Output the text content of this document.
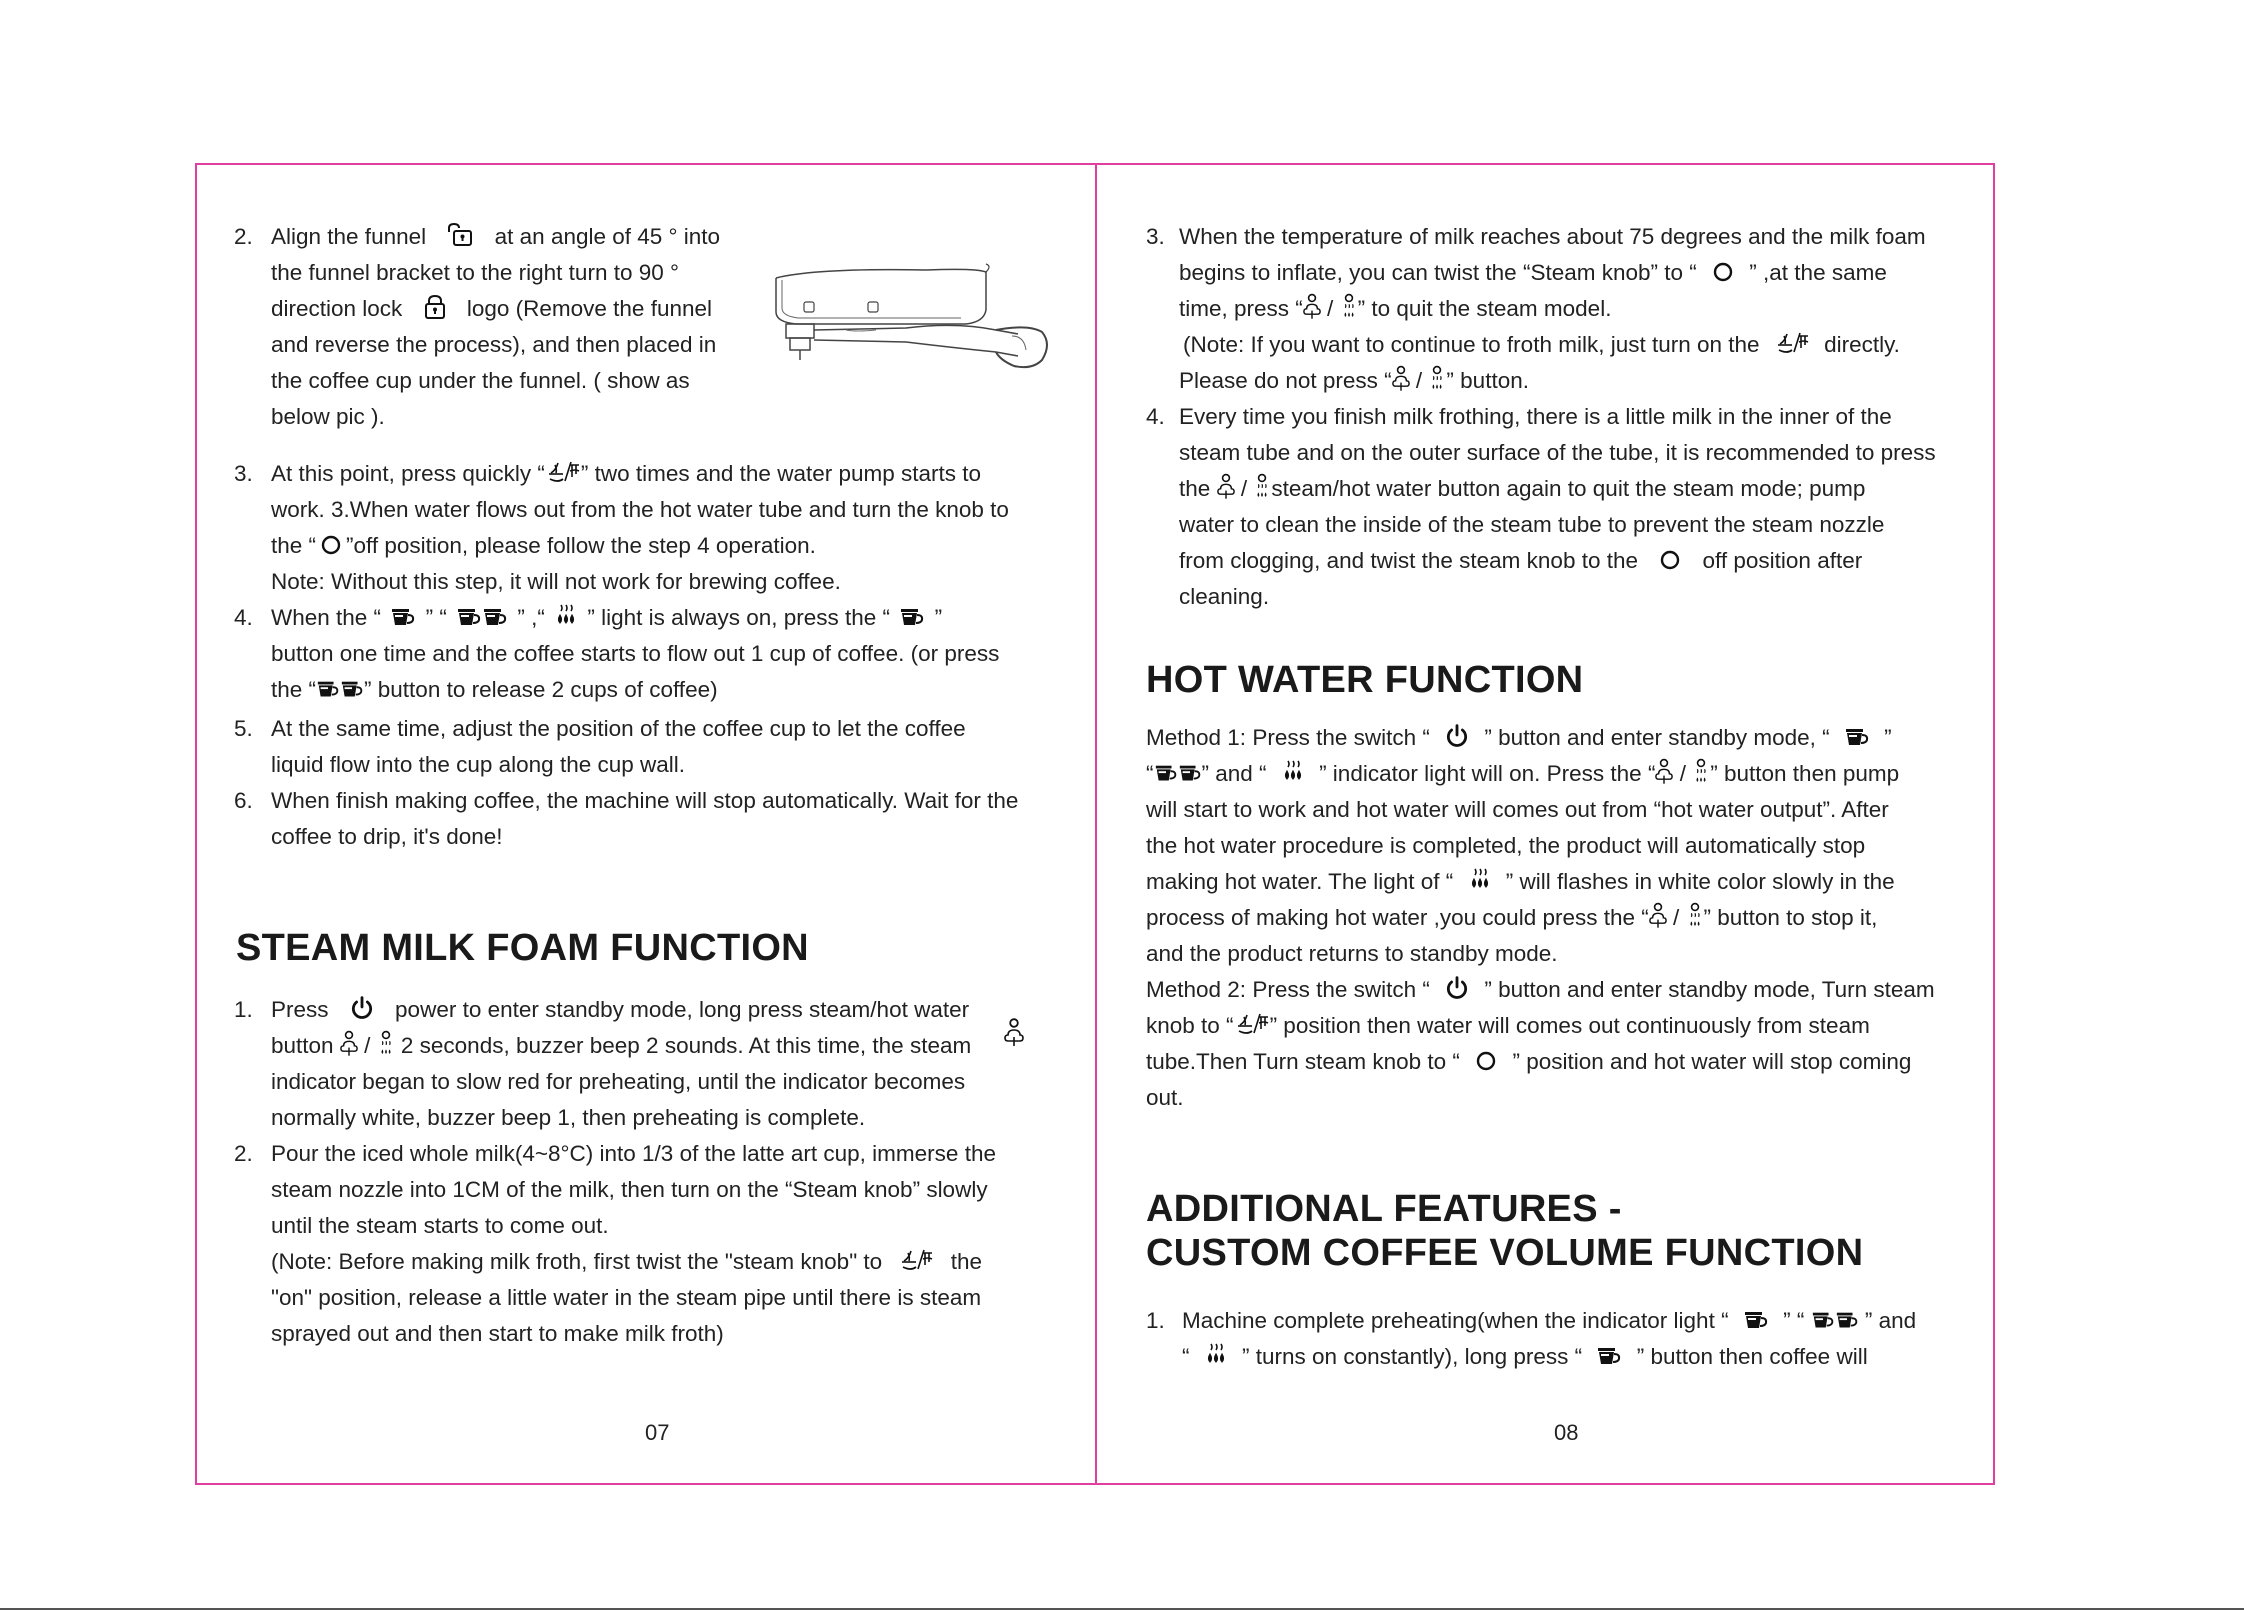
2. Align the funnel	at an angle of 45 ° into
the funnel bracket to the right turn to 90 °
direction lock	logo (Remove the funnel
and reverse the process), and then placed in
the coffee cup under the funnel. ( show as
below pic ).
3. At this point, press quickly “ ” two times and the water pump starts to
work. 3.When water flows out from the hot water tube and turn the knob to
the “ ”off position, please follow the step 4 operation.
Note: Without this step, it will not work for brewing coffee.
4. When the “ ” “	” ,“ ” light is always on, press the “ ”
button one time and the coffee starts to flow out 1 cup of coffee. (or press
the “ ” button to release 2 cups of coffee)
5. At the same time, adjust the position of the coffee cup to let the coffee
liquid flow into the cup along the cup wall.
6. When finish making coffee, the machine will stop automatically. Wait for the
coffee to drip, it's done!
STEAM MILK FOAM FUNCTION
1. Press	power to enter standby mode, long press steam/hot water
button / 2 seconds, buzzer beep 2 sounds. At this time, the steam
indicator began to slow red for preheating, until the indicator becomes
normally white, buzzer beep 1, then preheating is complete.
2. Pour the iced whole milk(4~8°C) into 1/3 of the latte art cup, immerse the
steam nozzle into 1CM of the milk, then turn on the “Steam knob” slowly
until the steam starts to come out.
(Note: Before making milk froth, first twist the "steam knob" to	the
"on" position, release a little water in the steam pipe until there is steam
sprayed out and then start to make milk froth)
07
3. When the temperature of milk reaches about 75 degrees and the milk foam
begins to inflate, you can twist the “Steam knob” to “ ” ,at the same
time, press “ / ” to quit the steam model.
(Note: If you want to continue to froth milk, just turn on the	directly.
Please do not press “ / ” button.
4. Every time you finish milk frothing, there is a little milk in the inner of the
steam tube and on the outer surface of the tube, it is recommended to press
the / steam/hot water button again to quit the steam mode; pump
water to clean the inside of the steam tube to prevent the steam nozzle
from clogging, and twist the steam knob to the	off position after
cleaning.
HOT WATER FUNCTION
Method 1: Press the switch “ ” button and enter standby mode, “ ”
“ ” and “ ” indicator light will on. Press the “ / ” button then pump
will start to work and hot water will comes out from “hot water output”. After
the hot water procedure is completed, the product will automatically stop
making hot water. The light of “ ” will flashes in white color slowly in the
process of making hot water ,you could press the “ / ” button to stop it,
and the product returns to standby mode.
Method 2: Press the switch “ ” button and enter standby mode, Turn steam
knob to “ ” position then water will comes out continuously from steam
tube.Then Turn steam knob to “ ” position and hot water will stop coming
out.
ADDITIONAL FEATURES -
CUSTOM COFFEE VOLUME FUNCTION
1. Machine complete preheating(when the indicator light “ ” “	” and
“ ” turns on constantly), long press “ ” button then coffee will
08
